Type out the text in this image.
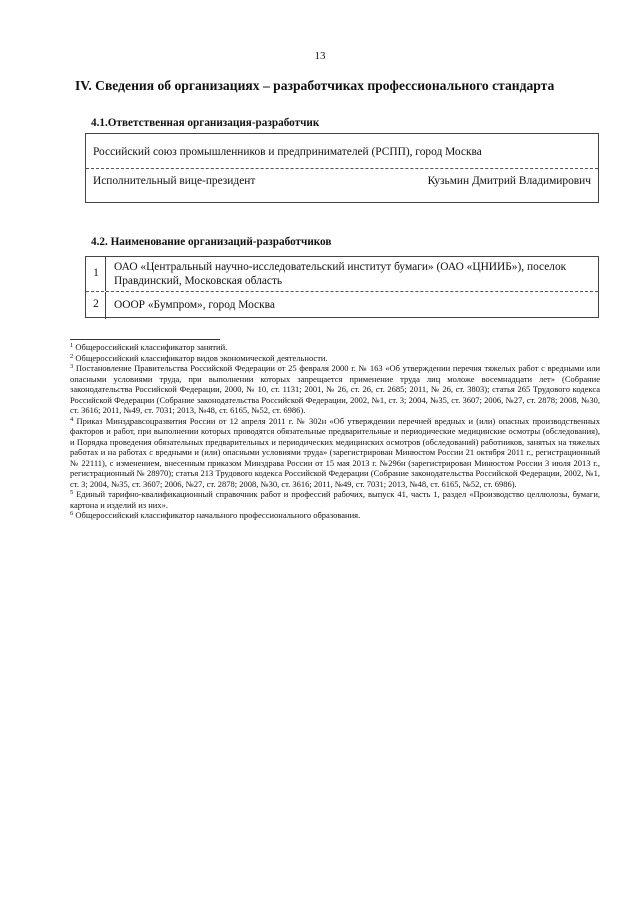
13
IV. Сведения об организациях – разработчиках профессионального стандарта
4.1.Ответственная организация-разработчик
Российский союз промышленников и предпринимателей (РСПП), город Москва
Исполнительный вице-президент	Кузьмин Дмитрий Владимирович
4.2. Наименование организаций-разработчиков
1	ОАО «Центральный научно-исследовательский институт бумаги» (ОАО «ЦНИИБ»), поселок Правдинский, Московская область
2	ОООР «Бумпром», город Москва

$^1$ Общероссийский классификатор занятий.

$^2$ Общероссийский классификатор видов экономической деятельности.

$^3$ Постановление Правительства Российской Федерации от 25 февраля 2000 г. № 163 «Об утверждении перечня тяжелых работ с вредными или опасными условиями труда, при выполнении которых запрещается применение труда лиц моложе восемнадцати лет» (Собрание законодательства Российской Федерации, 2000, № 10, ст. 1131; 2001, № 26, ст. 26, ст. 2685; 2011, № 26, ст. 3803); статья 265 Трудового кодекса Российской Федерации (Собрание законодательства Российской Федерации, 2002, №1, ст. 3; 2004, №35, ст. 3607; 2006, №27, ст. 2878; 2008, №30, ст. 3616; 2011, №49, ст. 7031; 2013, №48, ст. 6165, №52, ст. 6986).

$^4$ Приказ Минздравсоцразвития России от 12 апреля 2011 г. № 302н «Об утверждении перечней вредных и (или) опасных производственных факторов и работ, при выполнении которых проводятся обязательные предварительные и периодические медицинские осмотры (обследования), и Порядка проведения обязательных предварительных и периодических медицинских осмотров (обследований) работников, занятых на тяжелых работах и на работах с вредными и (или) опасными условиями труда» (зарегистрирован Минюстом России 21 октября 2011 г., регистрационный № 22111), с изменением, внесенным приказом Минздрава России от 15 мая 2013 г. №296н (зарегистрирован Минюстом России 3 июля 2013 г., регистрационный № 28970); статья 213 Трудового кодекса Российской Федерации (Собрание законодательства Российской Федерации, 2002, №1, ст. 3; 2004, №35, ст. 3607; 2006, №27, ст. 2878; 2008, №30, ст. 3616; 2011, №49, ст. 7031; 2013, №48, ст. 6165, №52, ст. 6986).

$^5$ Единый тарифно-квалификационный справочник работ и профессий рабочих, выпуск 41, часть 1, раздел «Производство целлюлозы, бумаги, картона и изделий из них».

$^6$ Общероссийский классификатор начального профессионального образования.
